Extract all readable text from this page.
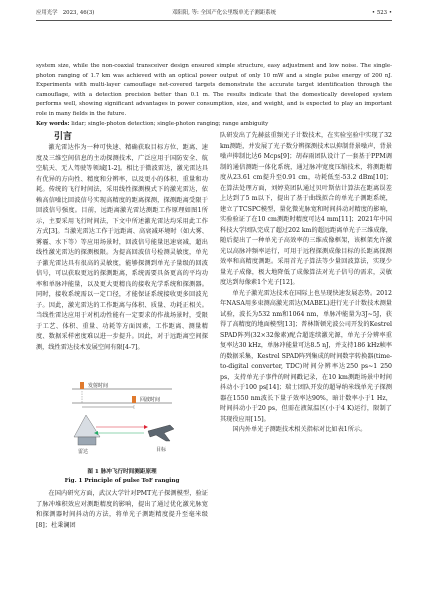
应用光学 2023, 46(3)	邓阳阳, 等: 全国产化公里级单光子测距系统	• 523 •

system size, while the non-coaxial transceiver design ensured simple structure, easy adjustment and low noise. The single-photon ranging of 1.7 km was achieved with an optical power output of only 10 mW and a single pulse energy of 200 nJ. Experiments with multi-layer camouflage net-covered targets demonstrate the accurate target identification through the camouflage, with a detection precision better than 0.1 m. The results indicate that the domestically developed system performs well, showing significant advantages in power consumption, size, and weight, and is expected to play an important role in many fields in the future.

Key words: lidar; single-photon detection; single-photon ranging; range ambiguity

引言

激光雷达作为一种可快速、精确获取目标方位、距离、速度及三维空间信息的主动探测技术，广泛应用于国防安全、航空航天、无人驾驶等领域[1-2]。相比于微波雷达，激光雷达具有优异的方向性、精度和分辨率，以及更小的体积、重量和功耗。传统的飞行时间法，采用线性探测模式下的激光雷达，依赖高信噪比回波信号实现高精度的距离探测，探测距离受限于回波信号强度。目前，远距离激光雷达测距工作原理如图1所示，主要采用飞行时间法，下文中所述激光雷达均采用此工作方式[3]。当激光雷达工作于远距离、高衰减环境时（如大雾、雾霾、水下等）等应用场景时，回波信号能量迅速衰减，超出线性激光雷达的探测极限。为提高回波信号检测灵敏度，单光子激光雷达具有很高的灵敏度，能够探测到单光子量级的回波信号，可以获取更远的探测距离，系统需要具备更高的平均功率和单脉冲能量，以及更大更精良的接收光学系统和探测器。同时，接收系统需以一定口径，才能保证系统接收更多回波光子。因此，激光雷达的工作距离与体积、质量、功耗正相关。当线性雷达应用于对机动性能有一定要求的作战场景时，受限于工艺、体积、重量、功耗等方面因素，工作距离、测量精度、数据采样密度难以进一步提升。因此，对于远距离空间探测，线性雷达技术发展空间有限[4-7]。

发射时间
回波时间
雷达	目标
图 1 脉冲飞行时间测距原理
Fig. 1 Principle of pulse ToF ranging

在国内研究方面，武汉大学针对PMT光子探测模型，验证了脉冲堆积效应对测距精度的影响，提出了通过优化激光脉宽和探测器时间抖动的方法，将单光子测距精度提升至毫米级[8]；杜秉澜团

队研发出了先赫兹重频光子计数技术，在实验室验中实现了32 km测距，并发展了光子数分辨探测技术以抑制背景噪声，背景噪声抑制比达6 Mcps[9]；胡春雨团队设计了一套基于PPM调制的通信测距一体化系统，通过脉冲宽度压缩技术，将测距精度从23.61 cm提升至0.91 cm，功耗低至-53.2 dBm[10]；在算法处理方面，刘婷莫团队通过贝叶斯估计算法在距离误差上达到了5 m以下，提出了基于曲线拟合的单光子测距系统，建立了TCSPC模型，量化微光脉宽和时间抖动对精度的影响，实验验证了在10 cm测距时精度可达4 mm[11]；2021年中国科技大学团队完成了超过202 km的超远距离单光子三维成像，随后提出了一种单光子高效率的三维成像框架，该框架允许激光以高脉冲频率运行，可用于远程探测成像目标的长距离探测效率和高精度测距。采用首光子算法等少量回波算法，实现少量光子成像，极大地降低了成像算法对光子信号的需求，灵敏度达到每像素1个光子[12]。

单光子激光雷达技术在国际上也呈现快速发展态势。2012年NASA用多束测高激光雷达(MABEL)进行光子计数技术测量试验，波长为532 nm和1064 nm，单脉冲能量为3J~5J，获得了高精度的地面模型[13]；普林斯顿光波公司开发的Kestrel SPAD阵列(32×32像素)配合超连续激光源，单光子分辨率重复率达30 kHz，单脉冲能量可达8.5 nJ，并支持186 kHz帧率的数据采集，Kestrel SPAD阵列集成的时间数字转换器(time-to-digital converter, TDC)时间分辨率达250 ps~1 250 ps，支持单光子事件的时间戳记录，在10 km测距场景中时间抖动小于100 ps[14]；瑞士团队开发的超导纳米线单光子探测器在1550 nm波长下量子效率达90%，暗计数率小于1 Hz，时间抖动小于20 ps，但需在液氮温区(小于4 K)运行，限制了其现役应用[15]。

国内外单光子测距技术相关指标对比如表1所示。
